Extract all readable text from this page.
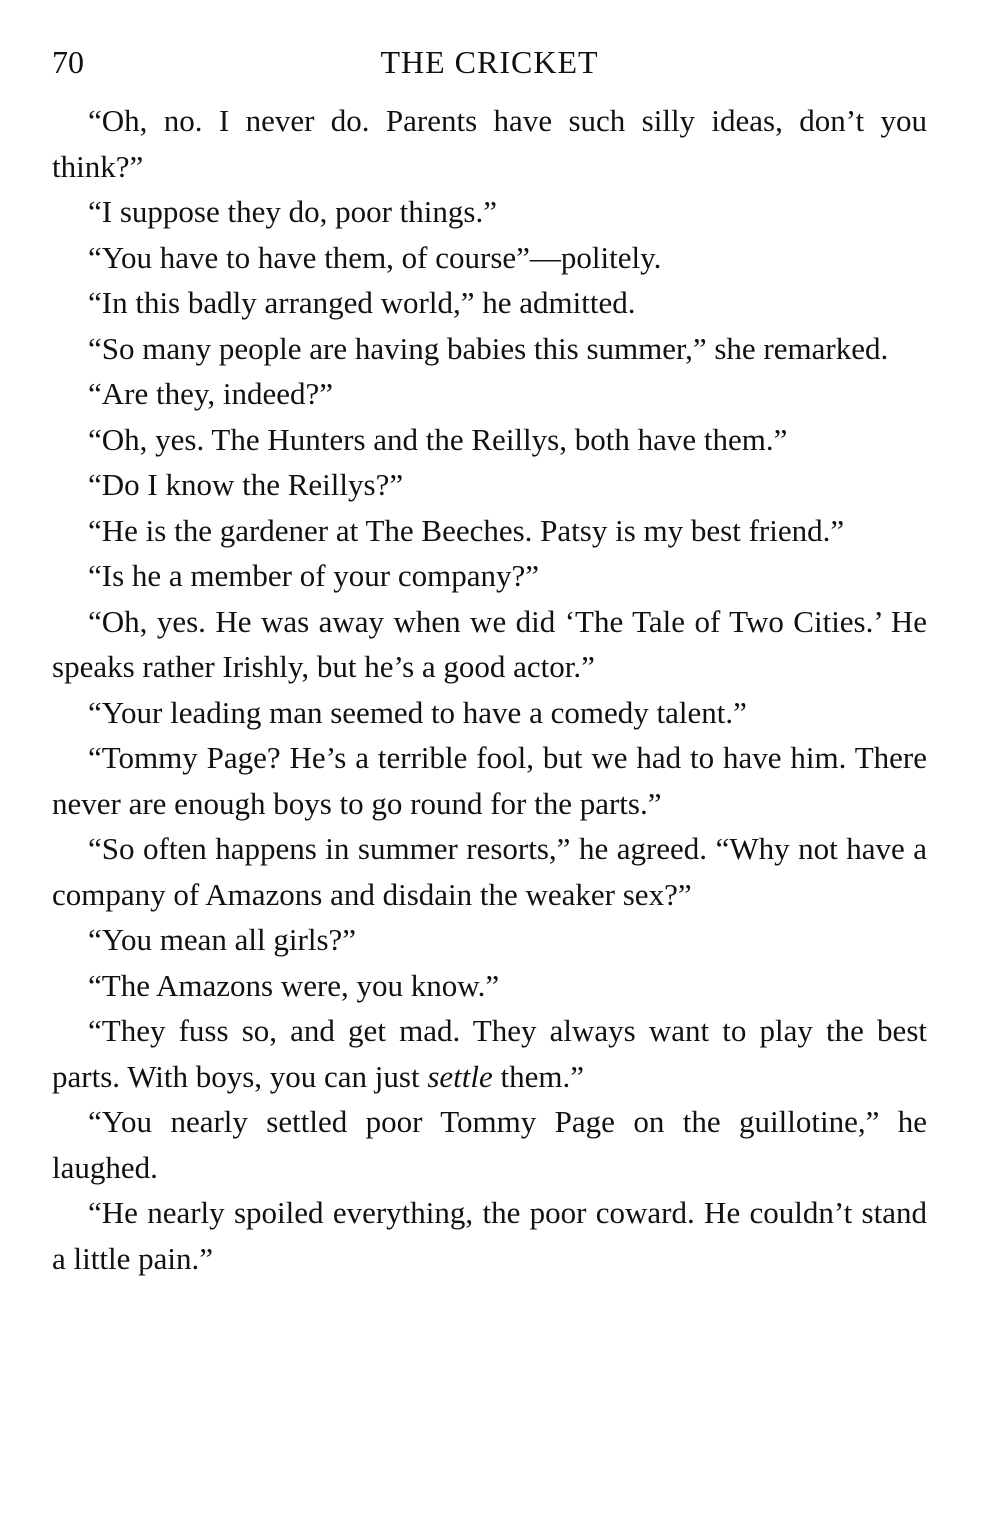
70	THE CRICKET

“Oh, no. I never do. Parents have such silly ideas, don’t you think?”

“I suppose they do, poor things.”

“You have to have them, of course”—politely.

“In this badly arranged world,” he admitted.

“So many people are having babies this summer,” she remarked.

“Are they, indeed?”

“Oh, yes. The Hunters and the Reillys, both have them.”

“Do I know the Reillys?”

“He is the gardener at The Beeches. Patsy is my best friend.”

“Is he a member of your company?”

“Oh, yes. He was away when we did ‘The Tale of Two Cities.’ He speaks rather Irishly, but he’s a good actor.”

“Your leading man seemed to have a comedy talent.”

“Tommy Page? He’s a terrible fool, but we had to have him. There never are enough boys to go round for the parts.”

“So often happens in summer resorts,” he agreed. “Why not have a company of Amazons and disdain the weaker sex?”

“You mean all girls?”

“The Amazons were, you know.”

“They fuss so, and get mad. They always want to play the best parts. With boys, you can just settle them.”

“You nearly settled poor Tommy Page on the guillotine,” he laughed.

“He nearly spoiled everything, the poor coward. He couldn’t stand a little pain.”
